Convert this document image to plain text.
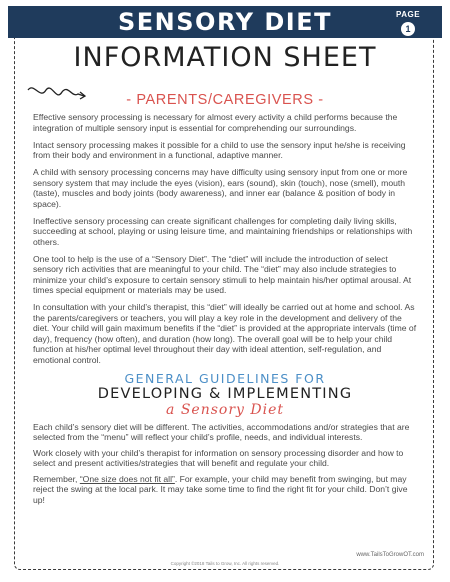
SENSORY DIET	PAGE
1
INFORMATION SHEET
- PARENTS/CAREGIVERS -

Effective sensory processing is necessary for almost every activity a child performs because the integration of multiple sensory input is essential for comprehending our surroundings.

Intact sensory processing makes it possible for a child to use the sensory input he/she is receiving from their body and environment in a functional, adaptive manner.

A child with sensory processing concerns may have difficulty using sensory input from one or more sensory system that may include the eyes (vision), ears (sound), skin (touch), nose (smell), mouth (taste), muscles and body joints (body awareness), and inner ear (balance & position of body in space).

Ineffective sensory processing can create significant challenges for completing daily living skills, succeeding at school, playing or using leisure time, and maintaining friendships or relationships with others.

One tool to help is the use of a “Sensory Diet”. The “diet” will include the introduction of select sensory rich activities that are meaningful to your child. The “diet” may also include strategies to minimize your child’s exposure to certain sensory stimuli to help maintain his/her optimal arousal. At times special equipment or materials may be used.

In consultation with your child’s therapist, this “diet” will ideally be carried out at home and school. As the parents/caregivers or teachers, you will play a key role in the development and delivery of the diet. Your child will gain maximum benefits if the “diet” is provided at the appropriate intervals (time of day), frequency (how often), and duration (how long). The overall goal will be to help your child function at his/her optimal level throughout their day with ideal attention, self-regulation, and emotional control.

GENERAL GUIDELINES FOR
DEVELOPING & IMPLEMENTING
a Sensory Diet

Each child’s sensory diet will be different. The activities, accommodations and/or strategies that are selected from the “menu” will reflect your child’s profile, needs, and individual interests.

Work closely with your child’s therapist for information on sensory processing disorder and how to select and present activities/strategies that will benefit and regulate your child.

Remember, “One size does not fit all”. For example, your child may benefit from swinging, but may reject the swing at the local park. It may take some time to find the right fit for your child. Don’t give up!

www.TailsToGrowOT.com
Copyright ©2018 Tails to Grow, Inc. All rights reserved.
